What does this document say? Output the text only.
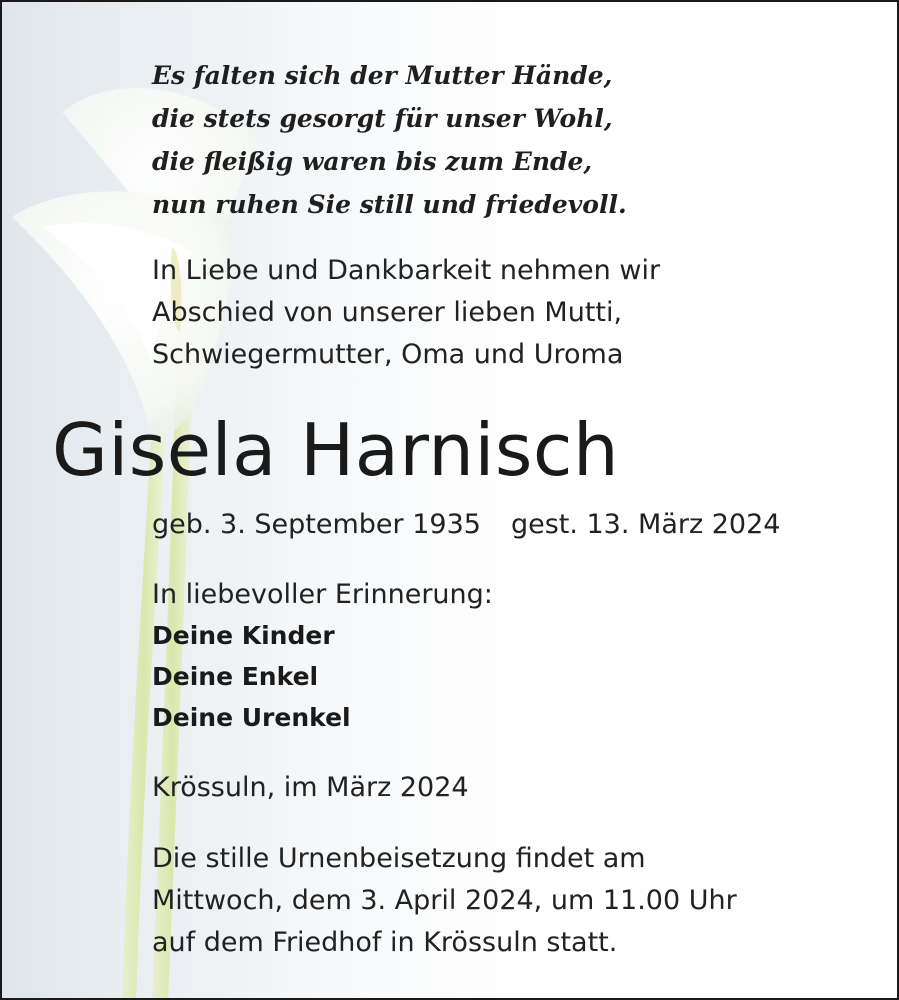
Es falten sich der Mutter Hände,
die stets gesorgt für unser Wohl,
die fleißig waren bis zum Ende,
nun ruhen Sie still und friedevoll.
In Liebe und Dankbarkeit nehmen wir
Abschied von unserer lieben Mutti,
Schwiegermutter, Oma und Uroma
Gisela Harnisch
geb. 3. September 1935 gest. 13. März 2024
In liebevoller Erinnerung:
Deine Kinder
Deine Enkel
Deine Urenkel
Krössuln, im März 2024
Die stille Urnenbeisetzung findet am
Mittwoch, dem 3. April 2024, um 11.00 Uhr
auf dem Friedhof in Krössuln statt.
